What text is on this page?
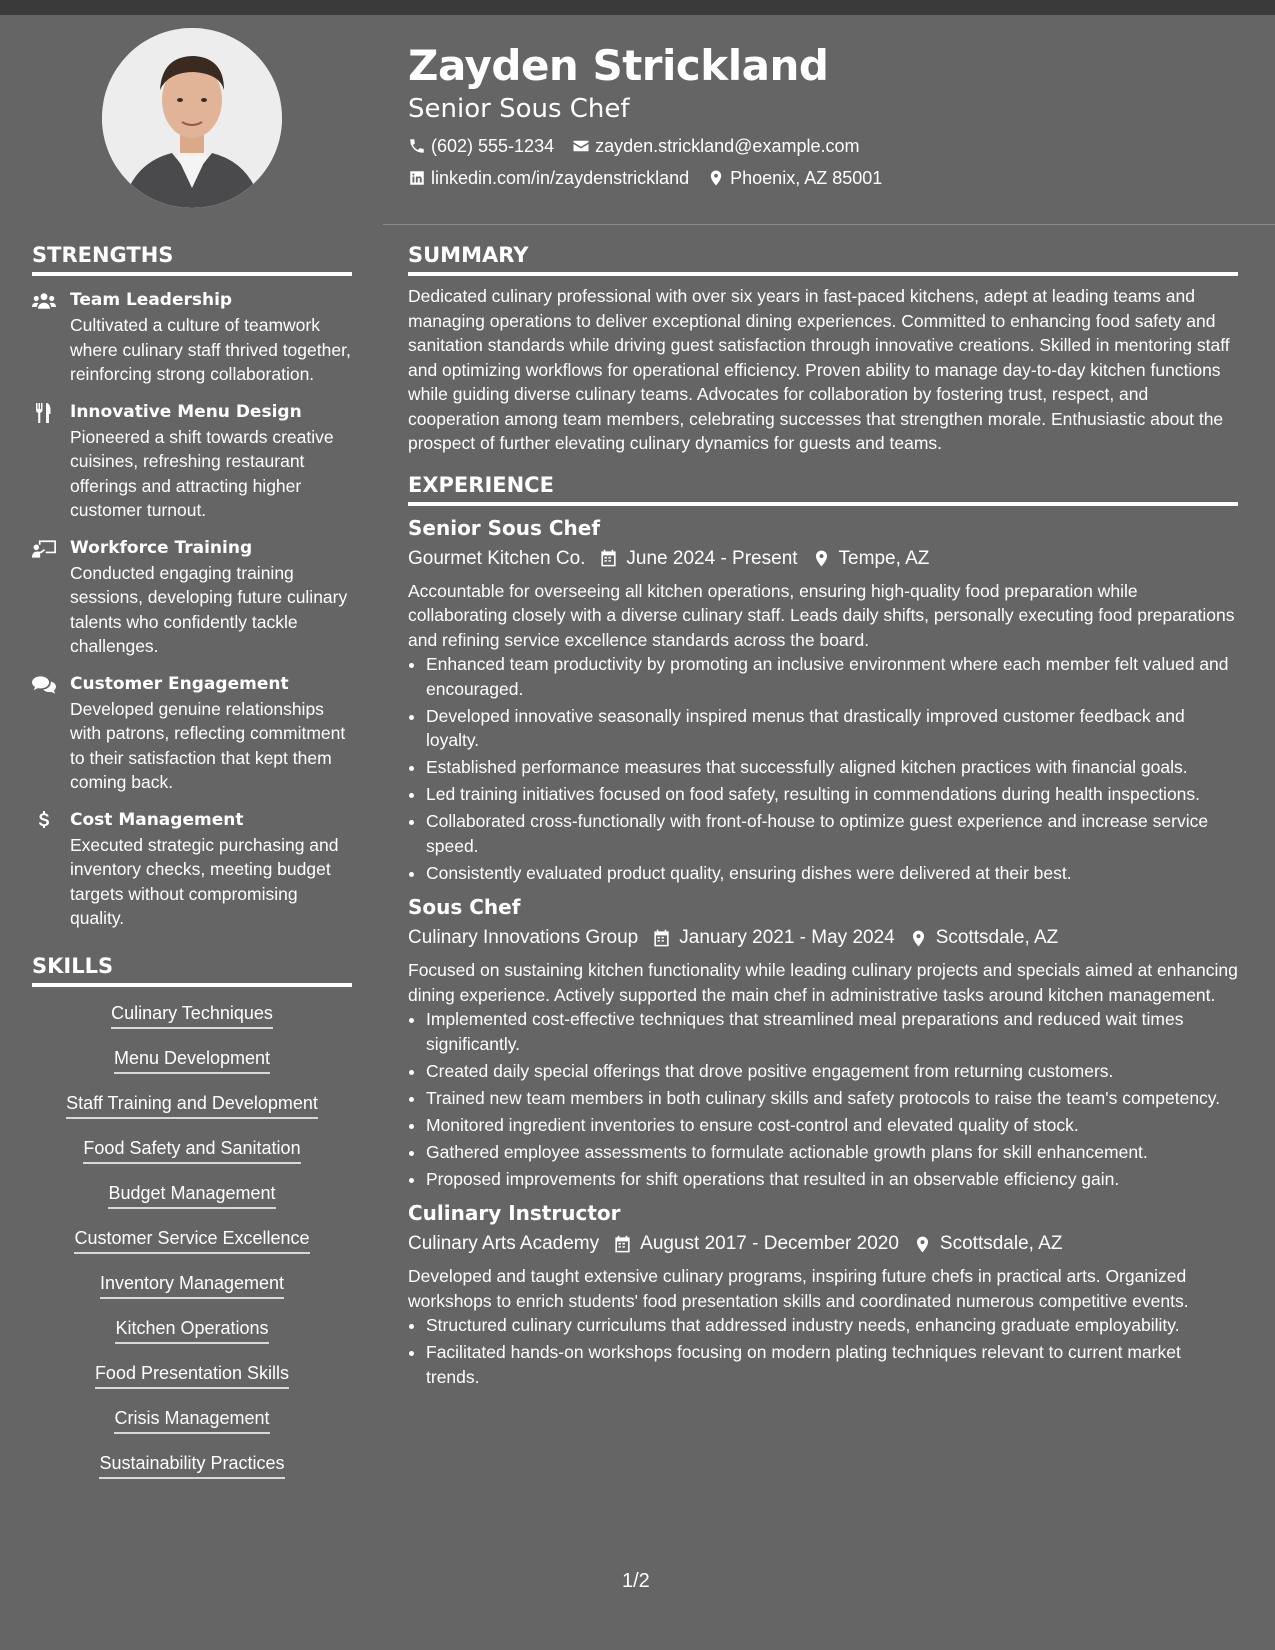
Zayden Strickland
Senior Sous Chef
(602) 555-1234 zayden.strickland@example.com
linkedin.com/in/zaydenstrickland Phoenix, AZ 85001
STRENGTHS
Team Leadership
Cultivated a culture of teamwork where culinary staff thrived together, reinforcing strong collaboration.
Innovative Menu Design
Pioneered a shift towards creative cuisines, refreshing restaurant offerings and attracting higher customer turnout.
Workforce Training
Conducted engaging training sessions, developing future culinary talents who confidently tackle challenges.
Customer Engagement
Developed genuine relationships with patrons, reflecting commitment to their satisfaction that kept them coming back.
Cost Management
Executed strategic purchasing and inventory checks, meeting budget targets without compromising quality.
SKILLS
Culinary Techniques
Menu Development
Staff Training and Development
Food Safety and Sanitation
Budget Management
Customer Service Excellence
Inventory Management
Kitchen Operations
Food Presentation Skills
Crisis Management
Sustainability Practices
SUMMARY
Dedicated culinary professional with over six years in fast-paced kitchens, adept at leading teams and managing operations to deliver exceptional dining experiences. Committed to enhancing food safety and sanitation standards while driving guest satisfaction through innovative creations. Skilled in mentoring staff and optimizing workflows for operational efficiency. Proven ability to manage day-to-day kitchen functions while guiding diverse culinary teams. Advocates for collaboration by fostering trust, respect, and cooperation among team members, celebrating successes that strengthen morale. Enthusiastic about the prospect of further elevating culinary dynamics for guests and teams.
EXPERIENCE
Senior Sous Chef
Gourmet Kitchen Co. June 2024 - Present Tempe, AZ
Accountable for overseeing all kitchen operations, ensuring high-quality food preparation while collaborating closely with a diverse culinary staff. Leads daily shifts, personally executing food preparations and refining service excellence standards across the board.
• Enhanced team productivity by promoting an inclusive environment where each member felt valued and encouraged.
• Developed innovative seasonally inspired menus that drastically improved customer feedback and loyalty.
• Established performance measures that successfully aligned kitchen practices with financial goals.
• Led training initiatives focused on food safety, resulting in commendations during health inspections.
• Collaborated cross-functionally with front-of-house to optimize guest experience and increase service speed.
• Consistently evaluated product quality, ensuring dishes were delivered at their best.
Sous Chef
Culinary Innovations Group January 2021 - May 2024 Scottsdale, AZ
Focused on sustaining kitchen functionality while leading culinary projects and specials aimed at enhancing dining experience. Actively supported the main chef in administrative tasks around kitchen management.
• Implemented cost-effective techniques that streamlined meal preparations and reduced wait times significantly.
• Created daily special offerings that drove positive engagement from returning customers.
• Trained new team members in both culinary skills and safety protocols to raise the team's competency.
• Monitored ingredient inventories to ensure cost-control and elevated quality of stock.
• Gathered employee assessments to formulate actionable growth plans for skill enhancement.
• Proposed improvements for shift operations that resulted in an observable efficiency gain.
Culinary Instructor
Culinary Arts Academy August 2017 - December 2020 Scottsdale, AZ
Developed and taught extensive culinary programs, inspiring future chefs in practical arts. Organized workshops to enrich students' food presentation skills and coordinated numerous competitive events.
• Structured culinary curriculums that addressed industry needs, enhancing graduate employability.
• Facilitated hands-on workshops focusing on modern plating techniques relevant to current market trends.
1/2
